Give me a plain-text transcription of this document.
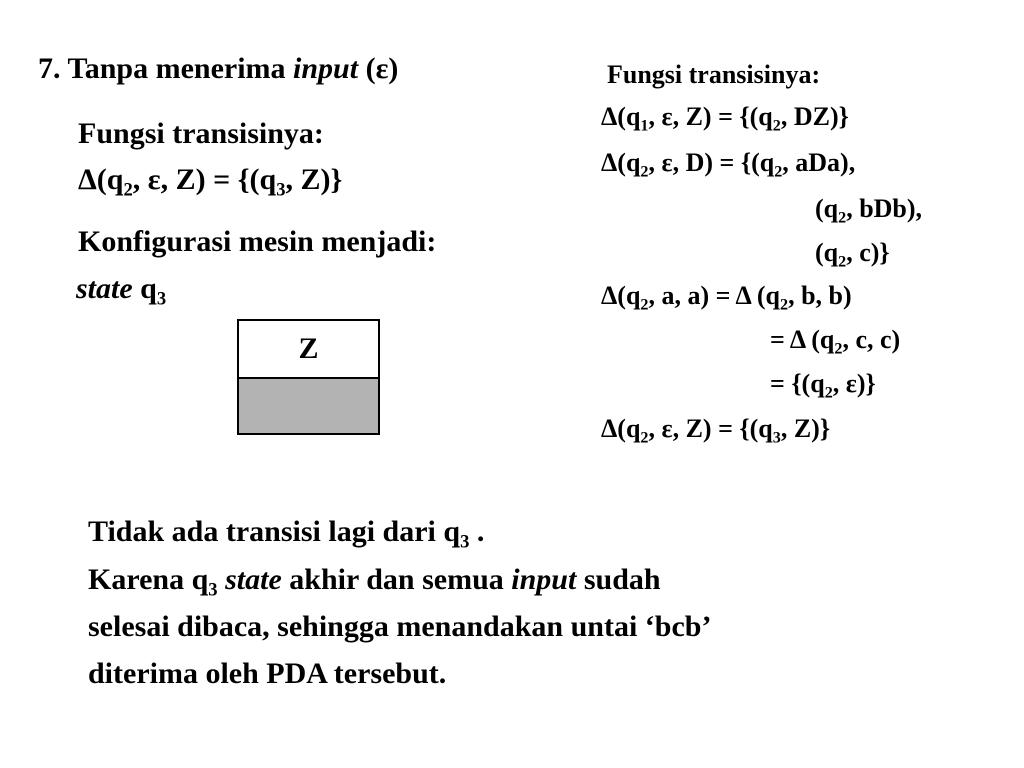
7. Tanpa menerima input (ε)

Fungsi transisinya:

$\Delta(q_2$, ε, $Z) = \{(q_3$, Z)}

Konfigurasi mesin menjadi:

state $q_3$

Z

Fungsi transisinya:

$\Delta(q_1$, ε, $Z) = \{(q_2$, DZ)}

$\Delta(q_2$, ε, $D) = \{(q_2$, aDa),

($q_2$, bDb),

($q_2$, c)}

$\Delta(q_2$, a, a) = Δ ($q_2$, b, b)

= Δ ($q_2$, c, c)

= {($q_2$, ε)}

$\Delta(q_2$, ε, $Z) = \{(q_3$, Z)}

Tidak ada transisi lagi dari $q_3$ .

Karena $q_3$ state akhir dan semua input sudah

selesai dibaca, sehingga menandakan untai ‘bcb’

diterima oleh PDA tersebut.
